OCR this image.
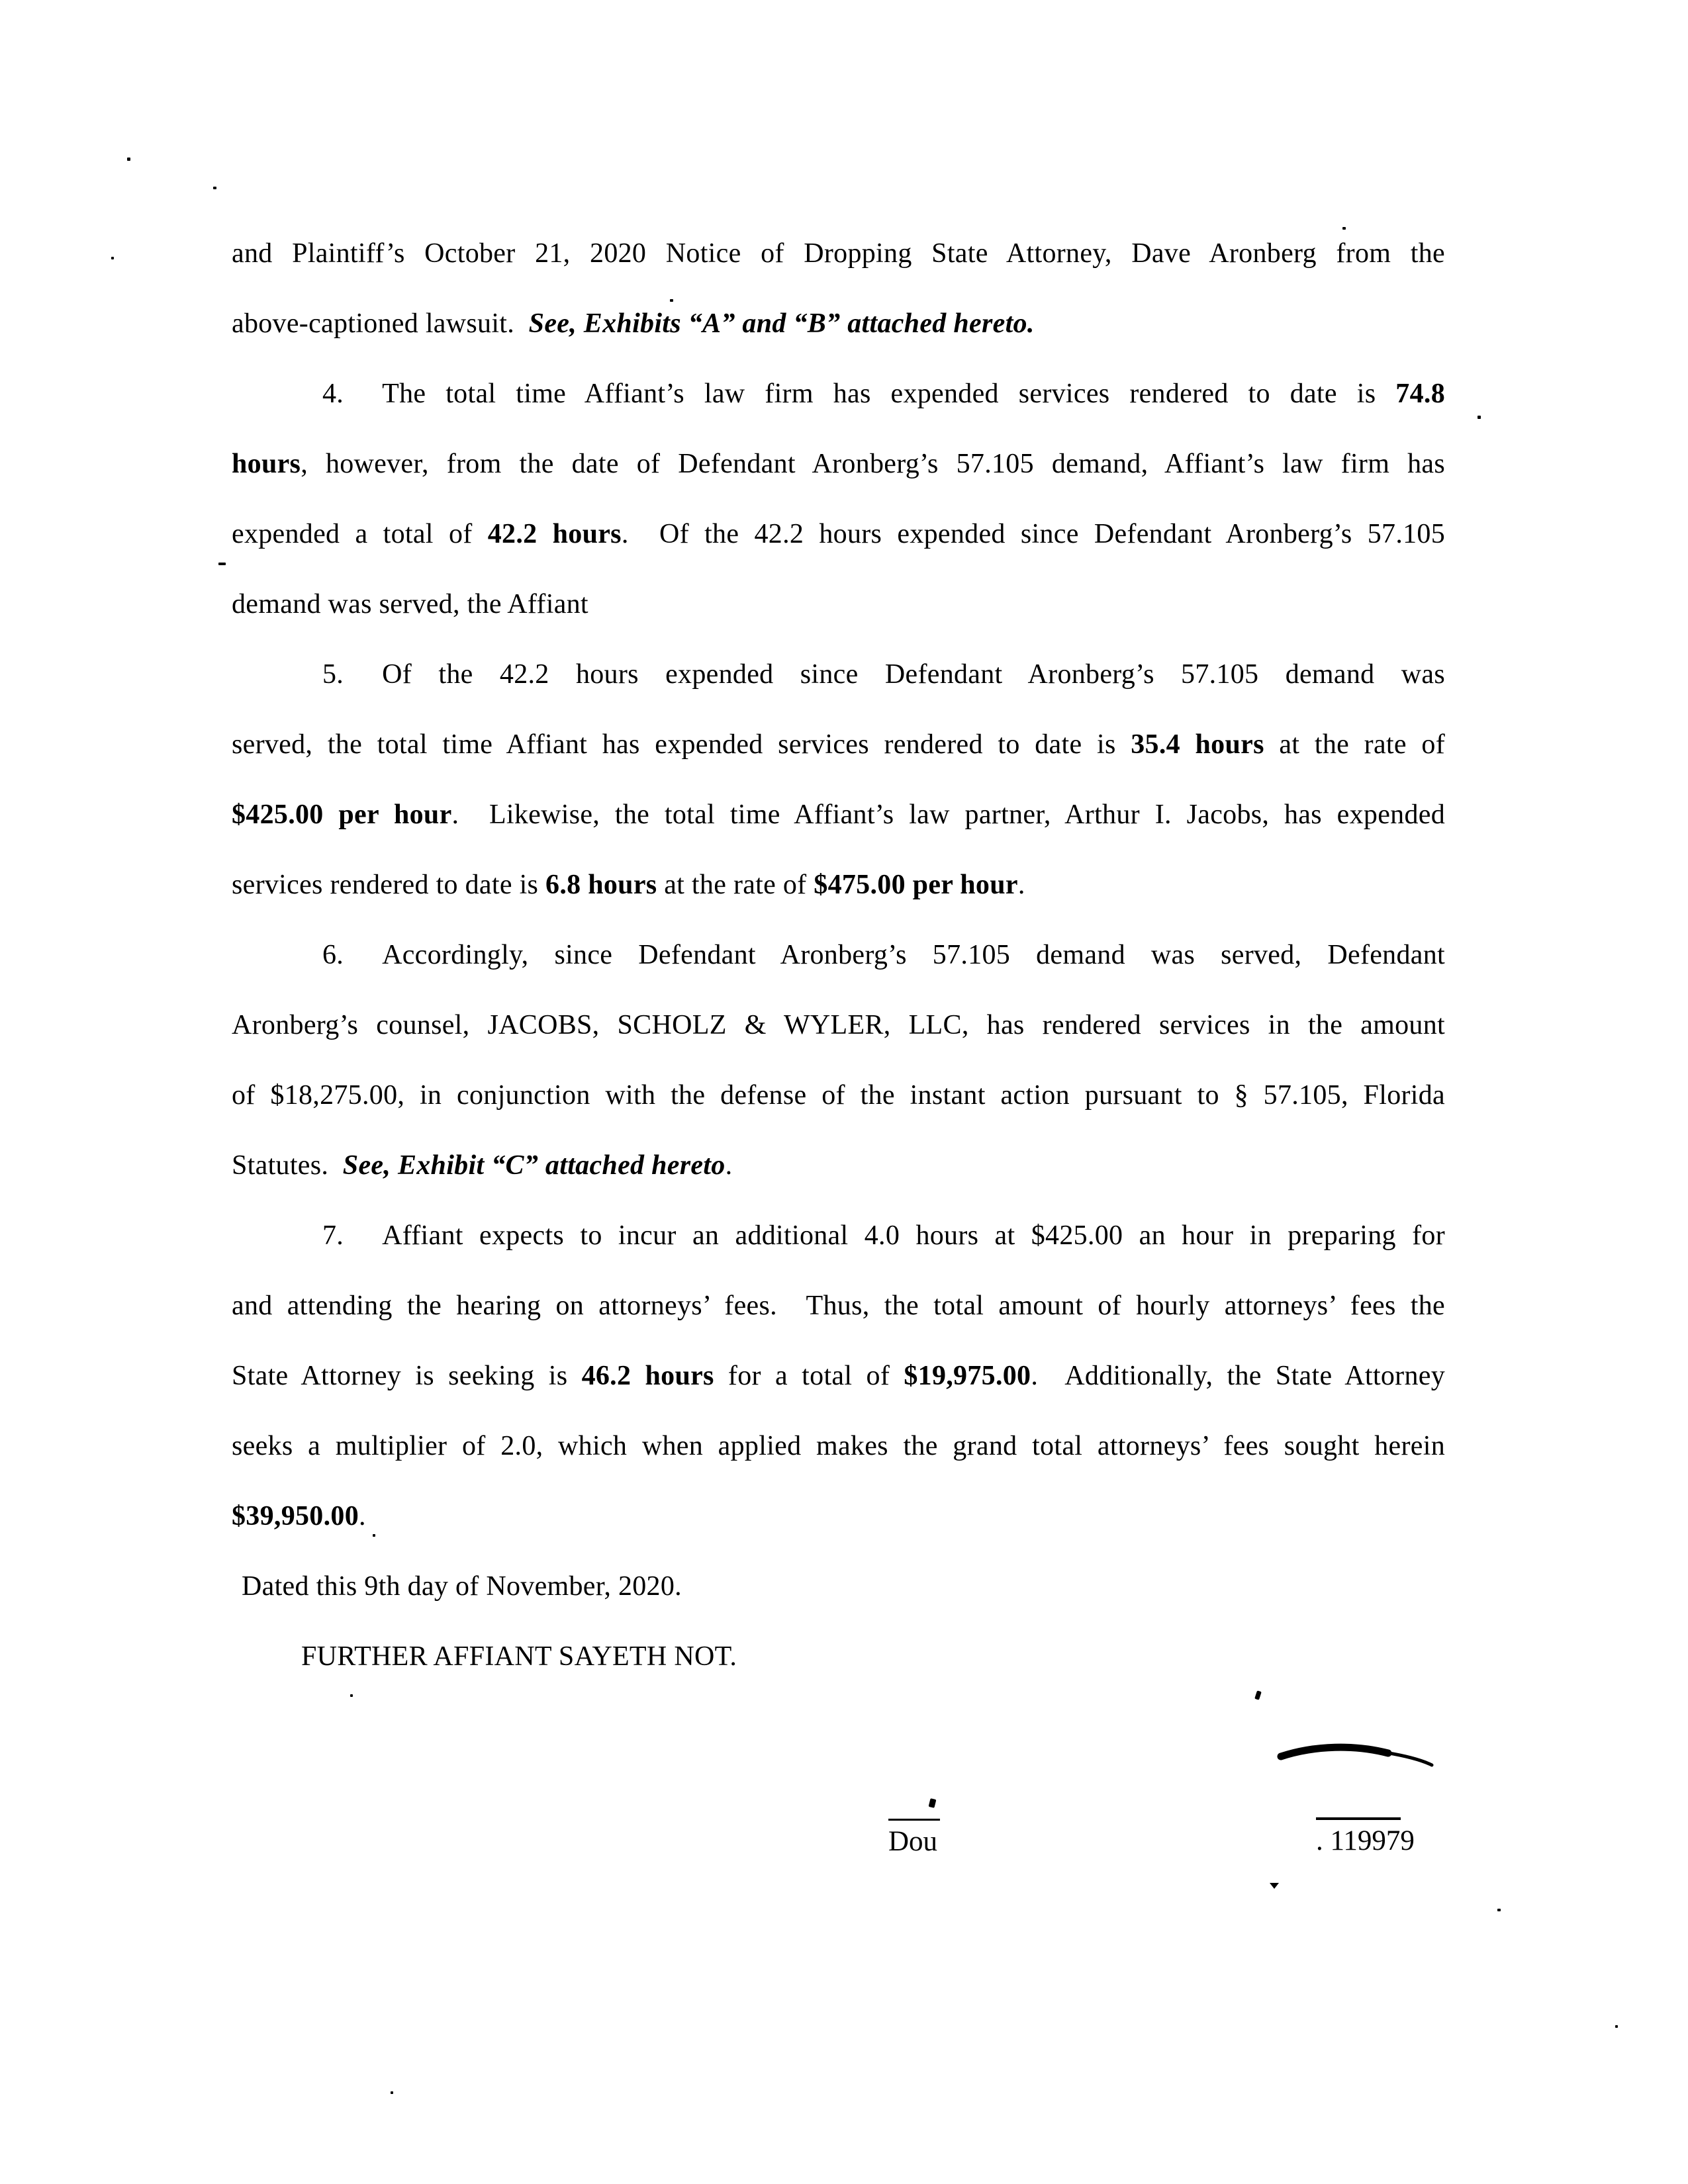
and Plaintiff’s October 21, 2020 Notice of Dropping State Attorney, Dave Aronberg from the
above-captioned lawsuit.  See, Exhibits “A” and “B” attached hereto.
4. The total time Affiant’s law firm has expended services rendered to date is 74.8
hours, however, from the date of Defendant Aronberg’s 57.105 demand, Affiant’s law firm has
expended a total of 42.2 hours.  Of the 42.2 hours expended since Defendant Aronberg’s 57.105
demand was served, the Affiant
5. Of the 42.2 hours expended since Defendant Aronberg’s 57.105 demand was
served, the total time Affiant has expended services rendered to date is 35.4 hours at the rate of
$425.00 per hour.  Likewise, the total time Affiant’s law partner, Arthur I. Jacobs, has expended
services rendered to date is 6.8 hours at the rate of $475.00 per hour.
6. Accordingly, since Defendant Aronberg’s 57.105 demand was served, Defendant
Aronberg’s counsel, JACOBS, SCHOLZ & WYLER, LLC, has rendered services in the amount
of $18,275.00, in conjunction with the defense of the instant action pursuant to § 57.105, Florida
Statutes.  See, Exhibit “C” attached hereto.
7. Affiant expects to incur an additional 4.0 hours at $425.00 an hour in preparing for
and attending the hearing on attorneys’ fees.  Thus, the total amount of hourly attorneys’ fees the
State Attorney is seeking is 46.2 hours for a total of $19,975.00.  Additionally, the State Attorney
seeks a multiplier of 2.0, which when applied makes the grand total attorneys’ fees sought herein
$39,950.00.
Dated this 9th day of November, 2020.
FURTHER AFFIANT SAYETH NOT.
Dou	. 119979
